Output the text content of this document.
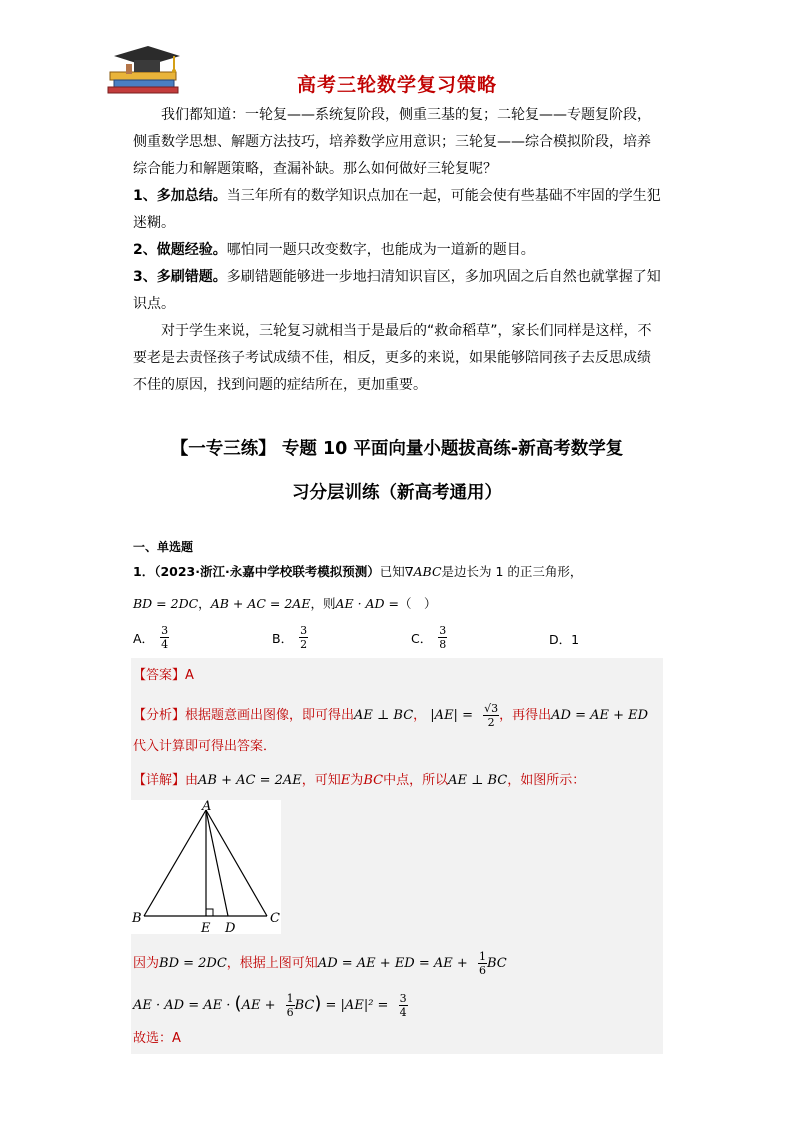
高考三轮数学复习策略
我们都知道：一轮复——系统复阶段，侧重三基的复；二轮复——专题复阶段，侧重数学思想、解题方法技巧，培养数学应用意识；三轮复——综合模拟阶段，培养综合能力和解题策略，查漏补缺。那么如何做好三轮复呢？
1、多加总结。当三年所有的数学知识点加在一起，可能会使有些基础不牢固的学生犯迷糊。
2、做题经验。哪怕同一题只改变数字，也能成为一道新的题目。
3、多刷错题。多刷错题能够进一步地扫清知识盲区，多加巩固之后自然也就掌握了知识点。
对于学生来说，三轮复习就相当于是最后的“救命稻草”，家长们同样是这样，不要老是去责怪孩子考试成绩不佳，相反，更多的来说，如果能够陪同孩子去反思成绩不佳的原因，找到问题的症结所在，更加重要。
【一专三练】 专题 10 平面向量小题拔高练-新高考数学复
习分层训练（新高考通用）
一、单选题
1．（2023·浙江·永嘉中学校联考模拟预测）已知∇ABC是边长为 1 的正三角形，
BD = 2DC，AB + AC = 2AE，则AE · AD =（　）
A． $\frac{3}{4}$	B． $\frac{3}{2}$	C． $\frac{3}{8}$	D． 1
【答案】A
【分析】根据题意画出图像，即可得出AE ⊥ BC， $|AE| = \frac{√3}{2}$ ，再得出AD = AE + ED
代入计算即可得出答案．
【详解】由AB + AC = 2AE，可知E为BC中点，所以AE ⊥ BC，如图所示：
A
B	C
E D
因为BD = 2DC，根据上图可知AD = AE + ED = AE + $\frac{1}{6}$ BC
AE · AD = AE · $(AE + \frac{1}{6} BC) = |AE|^2 = \frac{3}{4}$
故选：A
